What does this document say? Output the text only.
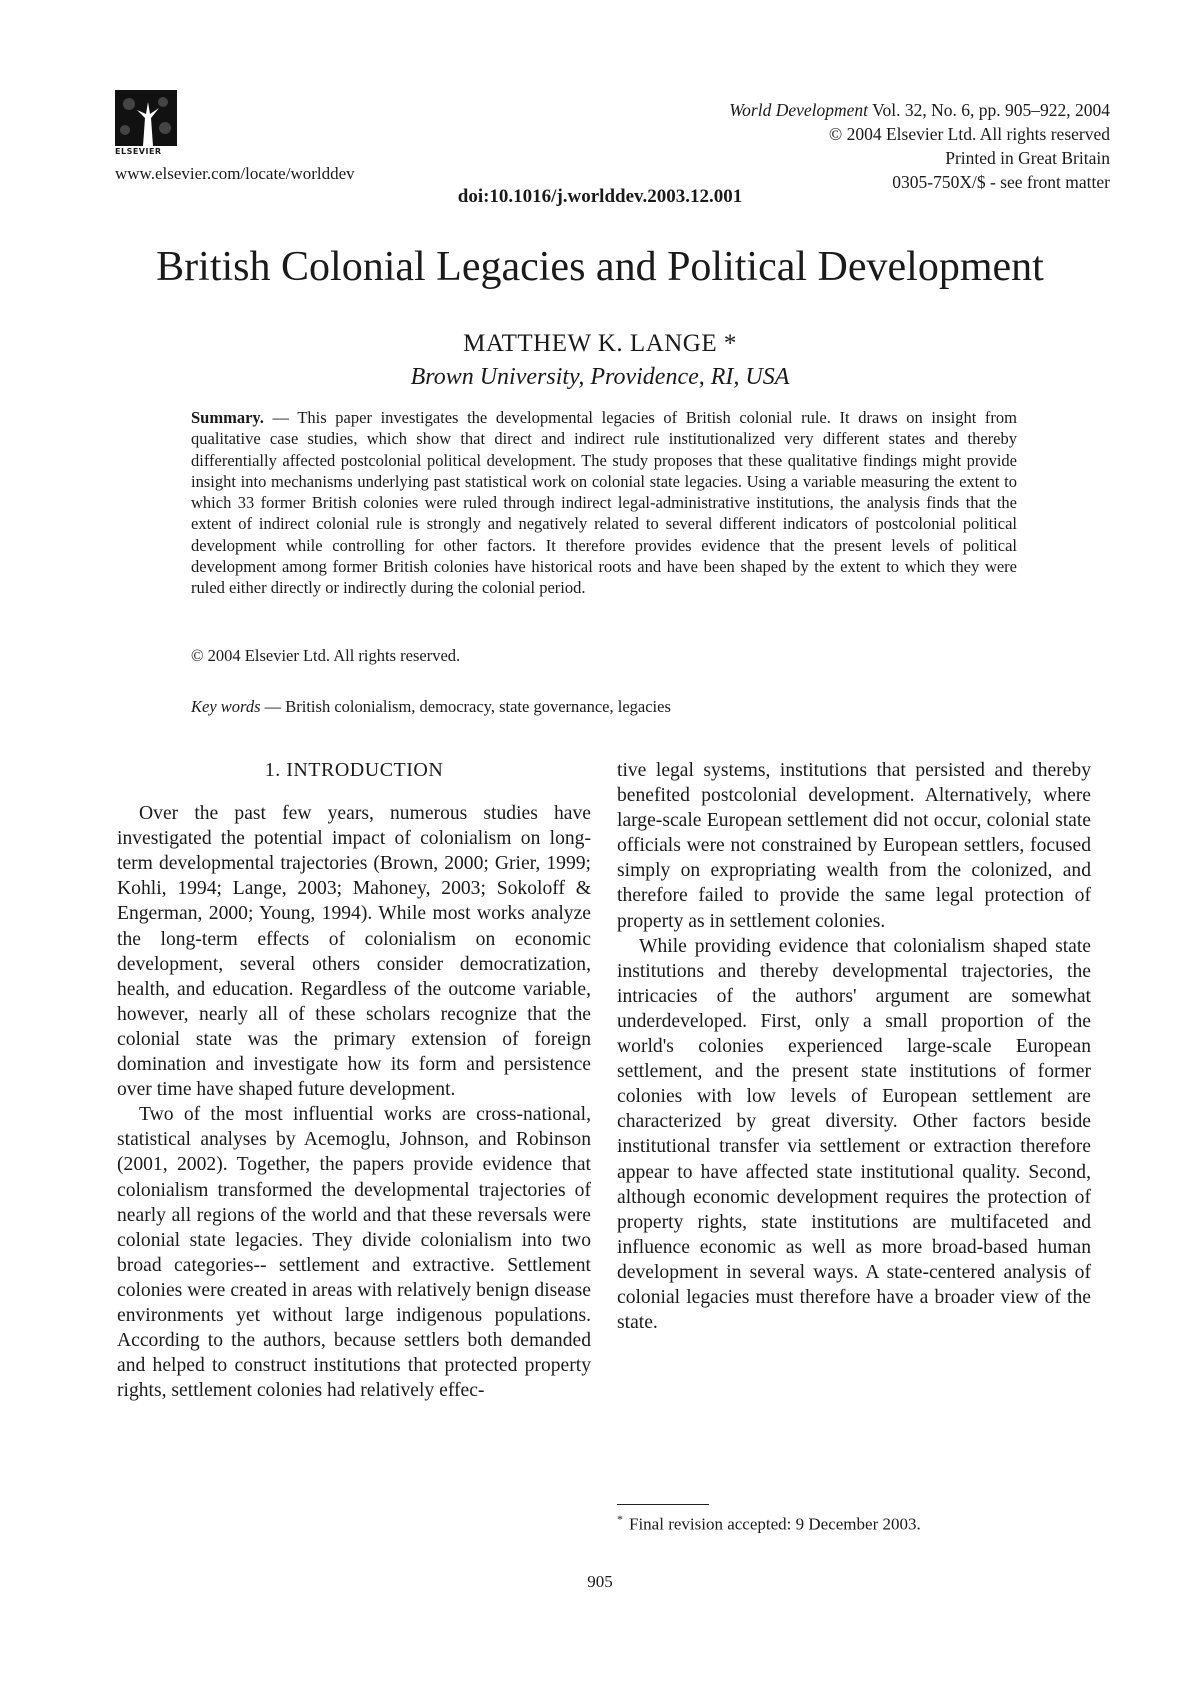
ELSEVIER
www.elsevier.com/locate/worlddev
World Development Vol. 32, No. 6, pp. 905–922, 2004
© 2004 Elsevier Ltd. All rights reserved
Printed in Great Britain
0305-750X/$ - see front matter
doi:10.1016/j.worlddev.2003.12.001
British Colonial Legacies and Political Development
MATTHEW K. LANGE *
Brown University, Providence, RI, USA
Summary. — This paper investigates the developmental legacies of British colonial rule. It draws on insight from qualitative case studies, which show that direct and indirect rule institutionalized very different states and thereby differentially affected postcolonial political development. The study proposes that these qualitative findings might provide insight into mechanisms underlying past statistical work on colonial state legacies. Using a variable measuring the extent to which 33 former British colonies were ruled through indirect legal-administrative institutions, the analysis finds that the extent of indirect colonial rule is strongly and negatively related to several different indicators of postcolonial political development while controlling for other factors. It therefore provides evidence that the present levels of political development among former British colonies have historical roots and have been shaped by the extent to which they were ruled either directly or indirectly during the colonial period.
© 2004 Elsevier Ltd. All rights reserved.
Key words — British colonialism, democracy, state governance, legacies

1. INTRODUCTION

Over the past few years, numerous studies have investigated the potential impact of colonialism on long-term developmental trajectories (Brown, 2000; Grier, 1999; Kohli, 1994; Lange, 2003; Mahoney, 2003; Sokoloff & Engerman, 2000; Young, 1994). While most works analyze the long-term effects of colonialism on economic development, several others consider democratization, health, and education. Regardless of the outcome variable, however, nearly all of these scholars recognize that the colonial state was the primary extension of foreign domination and investigate how its form and persistence over time have shaped future development.

Two of the most influential works are cross-national, statistical analyses by Acemoglu, Johnson, and Robinson (2001, 2002). Together, the papers provide evidence that colonialism transformed the developmental trajectories of nearly all regions of the world and that these reversals were colonial state legacies. They divide colonialism into two broad categories-- settlement and extractive. Settlement colonies were created in areas with relatively benign disease environments yet without large indigenous populations. According to the authors, because settlers both demanded and helped to construct institutions that protected property rights, settlement colonies had relatively effec-

tive legal systems, institutions that persisted and thereby benefited postcolonial development. Alternatively, where large-scale European settlement did not occur, colonial state officials were not constrained by European settlers, focused simply on expropriating wealth from the colonized, and therefore failed to provide the same legal protection of property as in settlement colonies.

While providing evidence that colonialism shaped state institutions and thereby developmental trajectories, the intricacies of the authors' argument are somewhat underdeveloped. First, only a small proportion of the world's colonies experienced large-scale European settlement, and the present state institutions of former colonies with low levels of European settlement are characterized by great diversity. Other factors beside institutional transfer via settlement or extraction therefore appear to have affected state institutional quality. Second, although economic development requires the protection of property rights, state institutions are multifaceted and influence economic as well as more broad-based human development in several ways. A state-centered analysis of colonial legacies must therefore have a broader view of the state.

* Final revision accepted: 9 December 2003.
905
